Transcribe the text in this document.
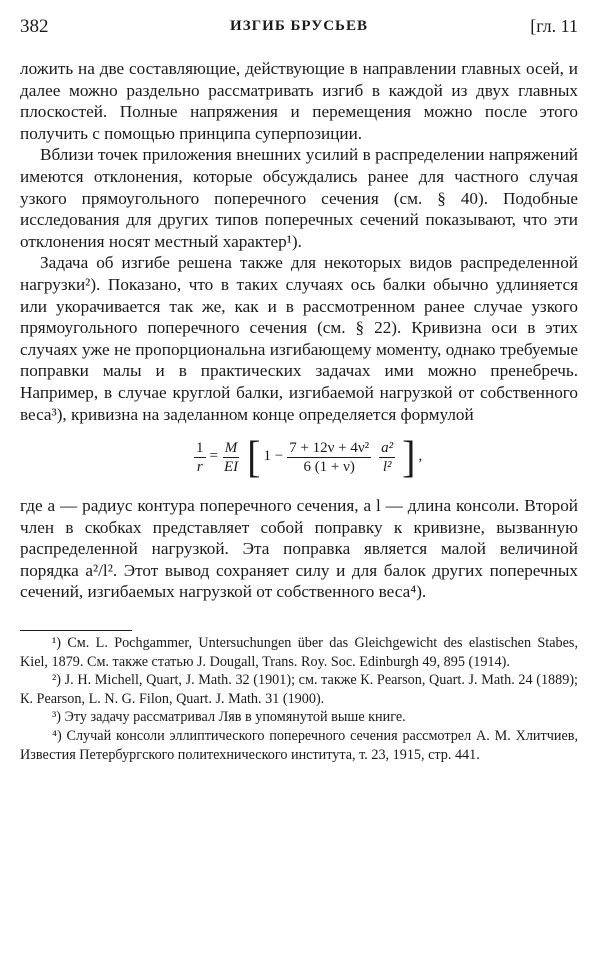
382	ИЗГИБ БРУСЬЕВ	[гл. 11

ложить на две составляющие, действующие в направлении главных осей, и далее можно раздельно рассматривать изгиб в каждой из двух главных плоскостей. Полные напряжения и перемещения можно после этого получить с помощью принципа суперпозиции.

Вблизи точек приложения внешних усилий в распределении напряжений имеются отклонения, которые обсуждались ранее для частного случая узкого прямоугольного поперечного сечения (см. § 40). Подобные исследования для других типов поперечных сечений показывают, что эти отклонения носят местный характер¹).

Задача об изгибе решена также для некоторых видов распределенной нагрузки²). Показано, что в таких случаях ось балки обычно удлиняется или укорачивается так же, как и в рассмотренном ранее случае узкого прямоугольного поперечного сечения (см. § 22). Кривизна оси в этих случаях уже не пропорциональна изгибающему моменту, однако требуемые поправки малы и в практических задачах ими можно пренебречь. Например, в случае круглой балки, изгибаемой нагрузкой от собственного веса³), кривизна на заделанном конце определяется формулой

$\frac{1}{r} = \frac{M}{EI}$ [ $1 - \frac{\text{7 + 12ν + 4ν²}}{6 (1 + \nu)} \frac{\text{a²}}{\text{l²}}$ ] ,

где a — радиус контура поперечного сечения, a l — длина консоли. Второй член в скобках представляет собой поправку к кривизне, вызванную распределенной нагрузкой. Эта поправка является малой величиной порядка a²/l². Этот вывод сохраняет силу и для балок других поперечных сечений, изгибаемых нагрузкой от собственного веса⁴).

¹) См. L. Pochgammer, Untersuchungen über das Gleichgewicht des elastischen Stabes, Kiel, 1879. См. также статью J. Dougall, Trans. Roy. Soc. Edinburgh 49, 895 (1914).

²) J. H. Michell, Quart, J. Math. 32 (1901); см. также К. Pearson, Quart. J. Math. 24 (1889); К. Pearson, L. N. G. Filon, Quart. J. Math. 31 (1900).

³) Эту задачу рассматривал Ляв в упомянутой выше книге.

⁴) Случай консоли эллиптического поперечного сечения рассмотрел А. М. Хлитчиев, Известия Петербургского политехнического института, т. 23, 1915, стр. 441.
